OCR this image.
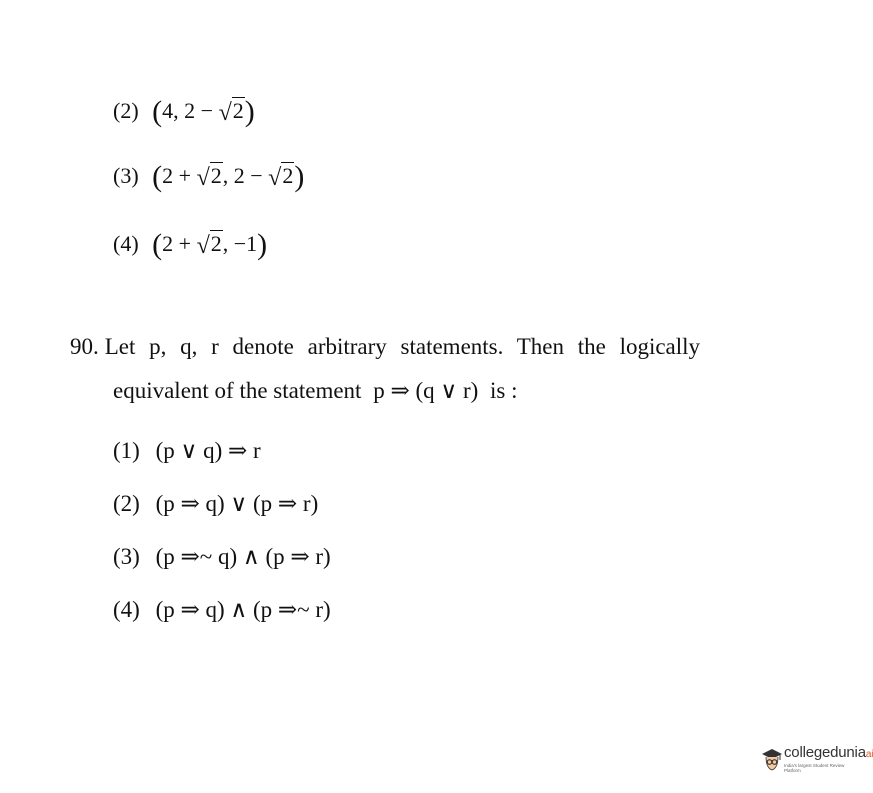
(2) (4, 2 − √2)
(3) (2 + √2, 2 − √2)
(4) (2 + √2, −1)
90. Let p, q, r denote arbitrary statements. Then the logically
equivalent of the statement p ⇒ (q ∨ r) is :
(1) (p ∨ q) ⇒ r
(2) (p ⇒ q) ∨ (p ⇒ r)
(3) (p ⇒~ q) ∧ (p ⇒ r)
(4) (p ⇒ q) ∧ (p ⇒~ r)
collegeduniaai
India's largest Student Review Platform
